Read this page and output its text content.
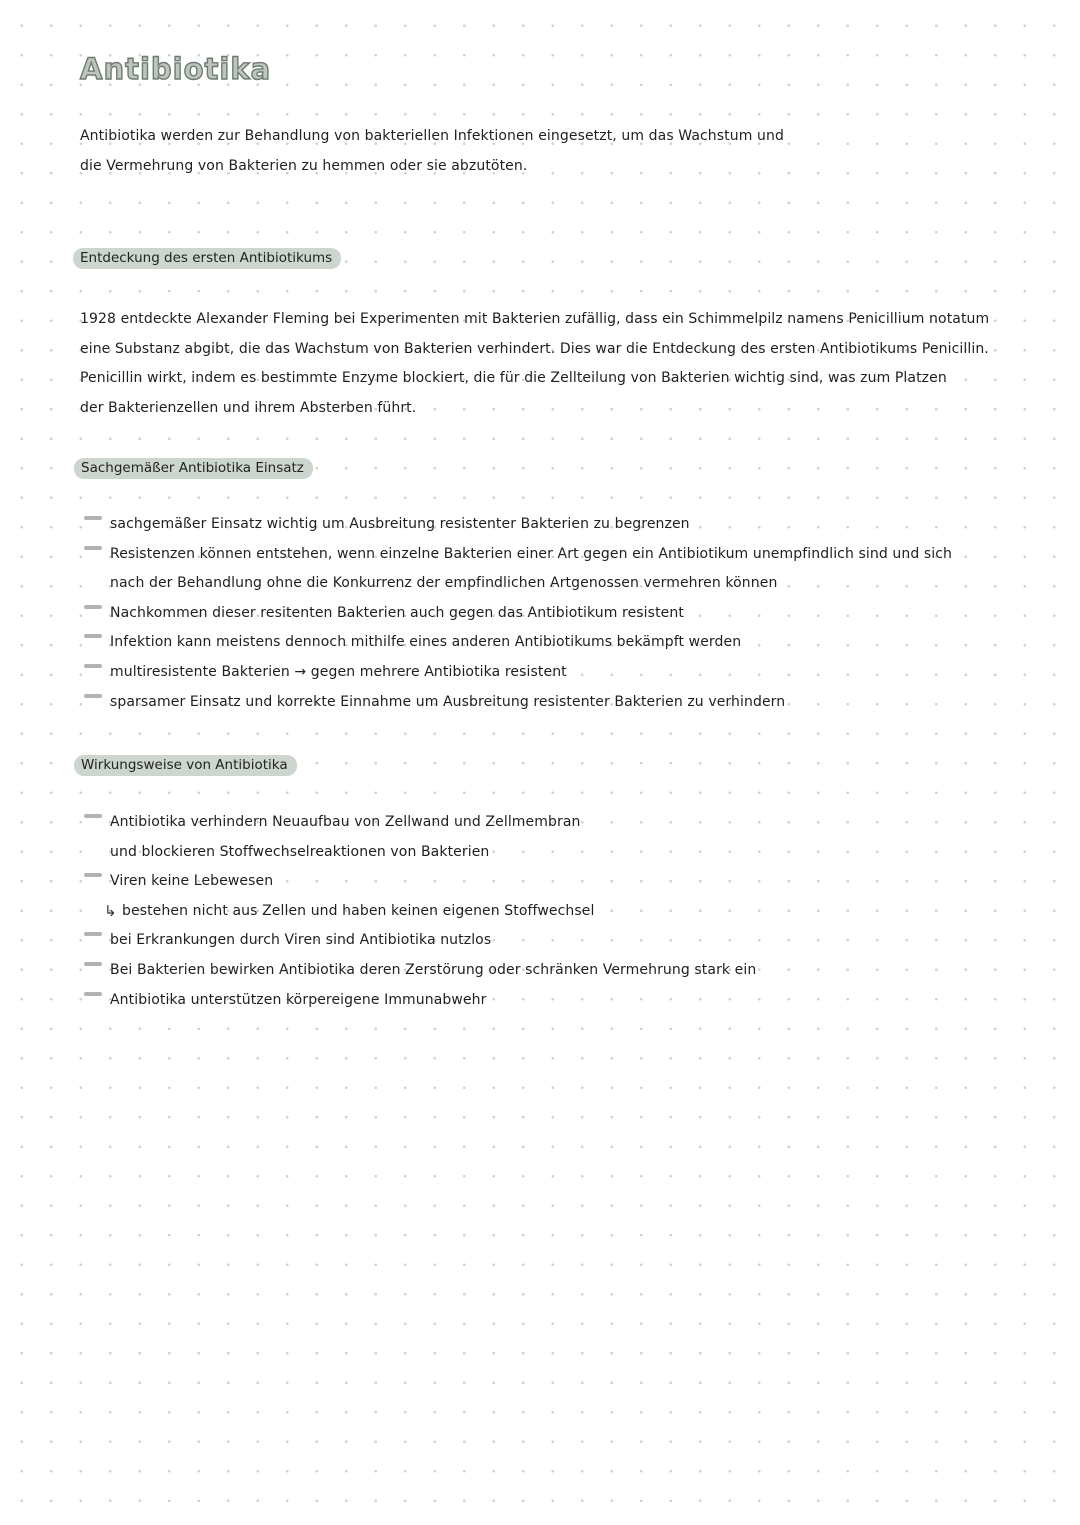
Antibiotika
Antibiotika werden zur Behandlung von bakteriellen Infektionen eingesetzt, um das Wachstum und
die Vermehrung von Bakterien zu hemmen oder sie abzutöten.
Entdeckung des ersten Antibiotikums
1928 entdeckte Alexander Fleming bei Experimenten mit Bakterien zufällig, dass ein Schimmelpilz namens Penicillium notatum
eine Substanz abgibt, die das Wachstum von Bakterien verhindert. Dies war die Entdeckung des ersten Antibiotikums Penicillin.
Penicillin wirkt, indem es bestimmte Enzyme blockiert, die für die Zellteilung von Bakterien wichtig sind, was zum Platzen
der Bakterienzellen und ihrem Absterben führt.
Sachgemäßer Antibiotika Einsatz
sachgemäßer Einsatz wichtig um Ausbreitung resistenter Bakterien zu begrenzen
Resistenzen können entstehen, wenn einzelne Bakterien einer Art gegen ein Antibiotikum unempfindlich sind und sich
nach der Behandlung ohne die Konkurrenz der empfindlichen Artgenossen vermehren können
Nachkommen dieser resitenten Bakterien auch gegen das Antibiotikum resistent
Infektion kann meistens dennoch mithilfe eines anderen Antibiotikums bekämpft werden
multiresistente Bakterien → gegen mehrere Antibiotika resistent
sparsamer Einsatz und korrekte Einnahme um Ausbreitung resistenter Bakterien zu verhindern
Wirkungsweise von Antibiotika
Antibiotika verhindern Neuaufbau von Zellwand und Zellmembran
und blockieren Stoffwechselreaktionen von Bakterien
Viren keine Lebewesen
↳ bestehen nicht aus Zellen und haben keinen eigenen Stoffwechsel
bei Erkrankungen durch Viren sind Antibiotika nutzlos
Bei Bakterien bewirken Antibiotika deren Zerstörung oder schränken Vermehrung stark ein
Antibiotika unterstützen körpereigene Immunabwehr
